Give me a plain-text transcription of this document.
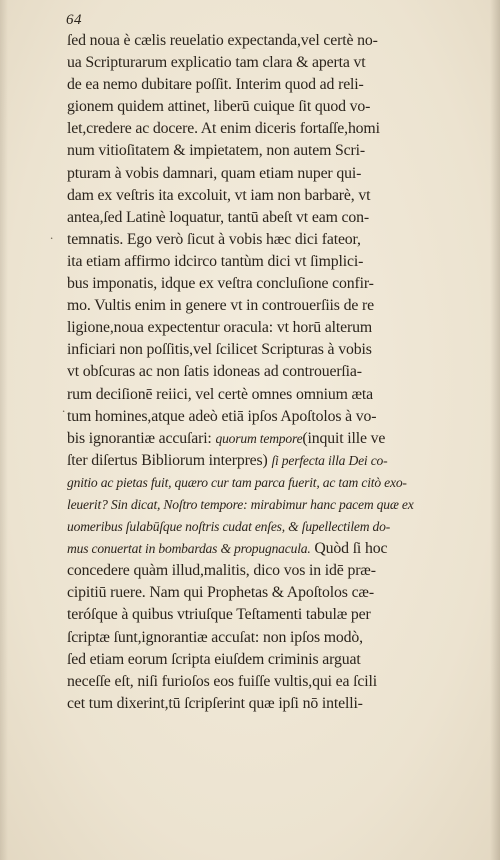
64
.
.
ſed noua è cælis reuelatio expectanda,vel certè no-
ua Scripturarum explicatio tam clara & aperta vt
de ea nemo dubitare poſſit. Interim quod ad reli-
gionem quidem attinet, liberū cuique ſit quod vo-
let,credere ac docere. At enim diceris fortaſſe,homi
num vitioſitatem & impietatem, non autem Scri-
pturam à vobis damnari, quam etiam nuper qui-
dam ex veſtris ita excoluit, vt iam non barbarè, vt
antea,ſed Latinè loquatur, tantū abeſt vt eam con-
temnatis. Ego verò ſicut à vobis hæc dici fateor,
ita etiam affirmo idcirco tantùm dici vt ſimplici-
bus imponatis, idque ex veſtra concluſione confir-
mo. Vultis enim in genere vt in controuerſiis de re
ligione,noua expectentur oracula: vt horū alterum
inficiari non poſſitis,vel ſcilicet Scripturas à vobis
vt obſcuras ac non ſatis idoneas ad controuerſia-
rum deciſionē reiici, vel certè omnes omnium æta
tum homines,atque adeò etiā ipſos Apoſtolos à vo-
bis ignorantiæ accuſari: quorum tempore(inquit ille ve
ſter diſertus Bibliorum interpres) ſi perfecta illa Dei co-
gnitio ac pietas fuit, quæro cur tam parca fuerit, ac tam citò exo-
leuerit? Sin dicat, Noſtro tempore: mirabimur hanc pacem quæ ex
uomeribus ſulabūſque noſtris cudat enſes, & ſupellectilem do-
mus conuertat in bombardas & propugnacula. Quòd ſi hoc
concedere quàm illud,malitis, dico vos in idē præ-
cipitiū ruere. Nam qui Prophetas & Apoſtolos cæ-
teróſque à quibus vtriuſque Teſtamenti tabulæ per
ſcriptæ ſunt,ignorantiæ accuſat: non ipſos modò,
ſed etiam eorum ſcripta eiuſdem criminis arguat
neceſſe eſt, niſi furioſos eos fuiſſe vultis,qui ea ſcili
cet tum dixerint,tū ſcripſerint quæ ipſi nō intelli-
